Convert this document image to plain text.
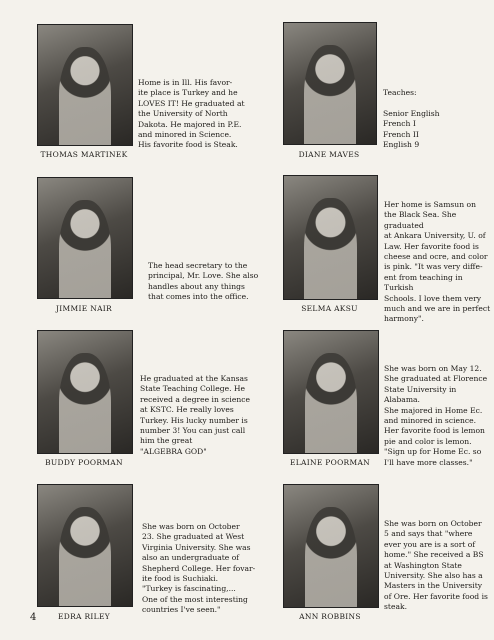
THOMAS MARTINEK
Home is in Ill. His favor-
ite place is Turkey and he
LOVES IT! He graduated at
the University of North
Dakota. He majored in P.E.
and minored in Science.
His favorite food is Steak.
DIANE MAVES
Teaches:

Senior English
French I
French II
English 9
JIMMIE NAIR
The head secretary to the
principal, Mr. Love. She also
handles about any things
that comes into the office.
SELMA AKSU
Her home is Samsun on
the Black Sea. She graduated
at Ankara University, U. of
Law. Her favorite food is
cheese and ocre, and color
is pink. "It was very diffe-
ent from teaching in Turkish
Schools. I love them very
much and we are in perfect
harmony".
BUDDY POORMAN
He graduated at the Kansas
State Teaching College. He
received a degree in science
at KSTC. He really loves
Turkey. His lucky number is
number 3! You can just call
him the great
"ALGEBRA GOD"
ELAINE POORMAN
She was born on May 12.
She graduated at Florence
State University in Alabama.
She majored in Home Ec.
and minored in science.
Her favorite food is lemon
pie and color is lemon.
"Sign up for Home Ec. so
I'll have more classes."
EDRA RILEY
She was born on October
23. She graduated at West
Virginia University. She was
also an undergraduate of
Shepherd College. Her fovar-
ite food is Suchiaki.
"Turkey is fascinating,...
One of the most interesting
countries I've seen."
ANN ROBBINS
She was born on October
5 and says that "where
ever you are is a sort of
home." She received a BS
at Washington State
University. She also has a
Masters in the University
of Ore. Her favorite food is
steak.
4
